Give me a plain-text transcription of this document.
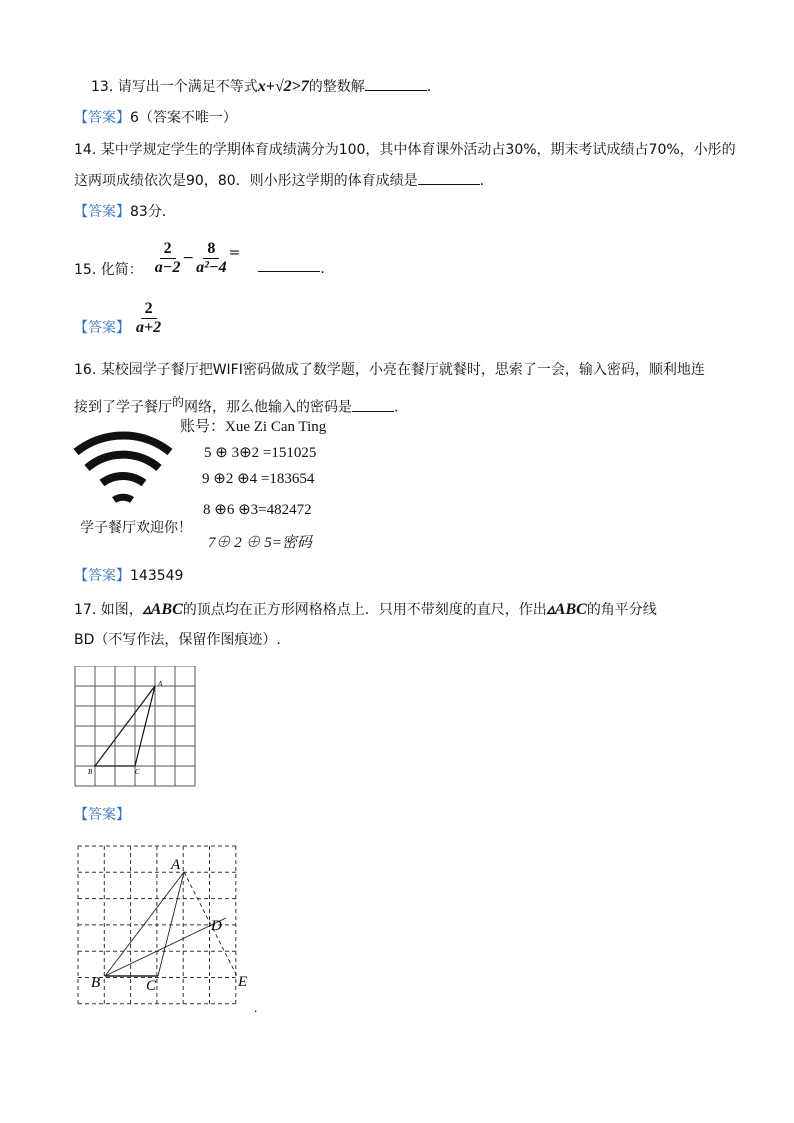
13. 请写出一个满足不等式x+√2>7的整数解	.
【答案】6（答案不唯一）
14. 某中学规定学生的学期体育成绩满分为100，其中体育课外活动占30%，期末考试成绩占70%，小彤的
这两项成绩依次是90，80．则小彤这学期的体育成绩是	.
【答案】83分．
15. 化简： $\frac{2}{a-2} - \frac{8}{\text{a²−4}}$ =
.
【答案】 $\frac{2}{a+2}$
16. 某校园学子餐厅把WIFI密码做成了数学题，小亮在餐厅就餐时，思索了一会，输入密码，顺利地连
接到了学子餐厅$^的$网络，那么他输入的密码是	.
学子餐厅欢迎你！
账号：Xue Zi Can Ting
5 ⊕ 3⊕2 =151025
9 ⊕2 ⊕4 =183654
8 ⊕6 ⊕3=482472
7⊕ 2 ⊕ 5=密码
【答案】143549
17. 如图，▵ABC的顶点均在正方形网格格点上．只用不带刻度的直尺，作出▵ABC的角平分线
BD（不写作法，保留作图痕迹）.
A
B	C
【答案】
A
B	C
D
E
.
